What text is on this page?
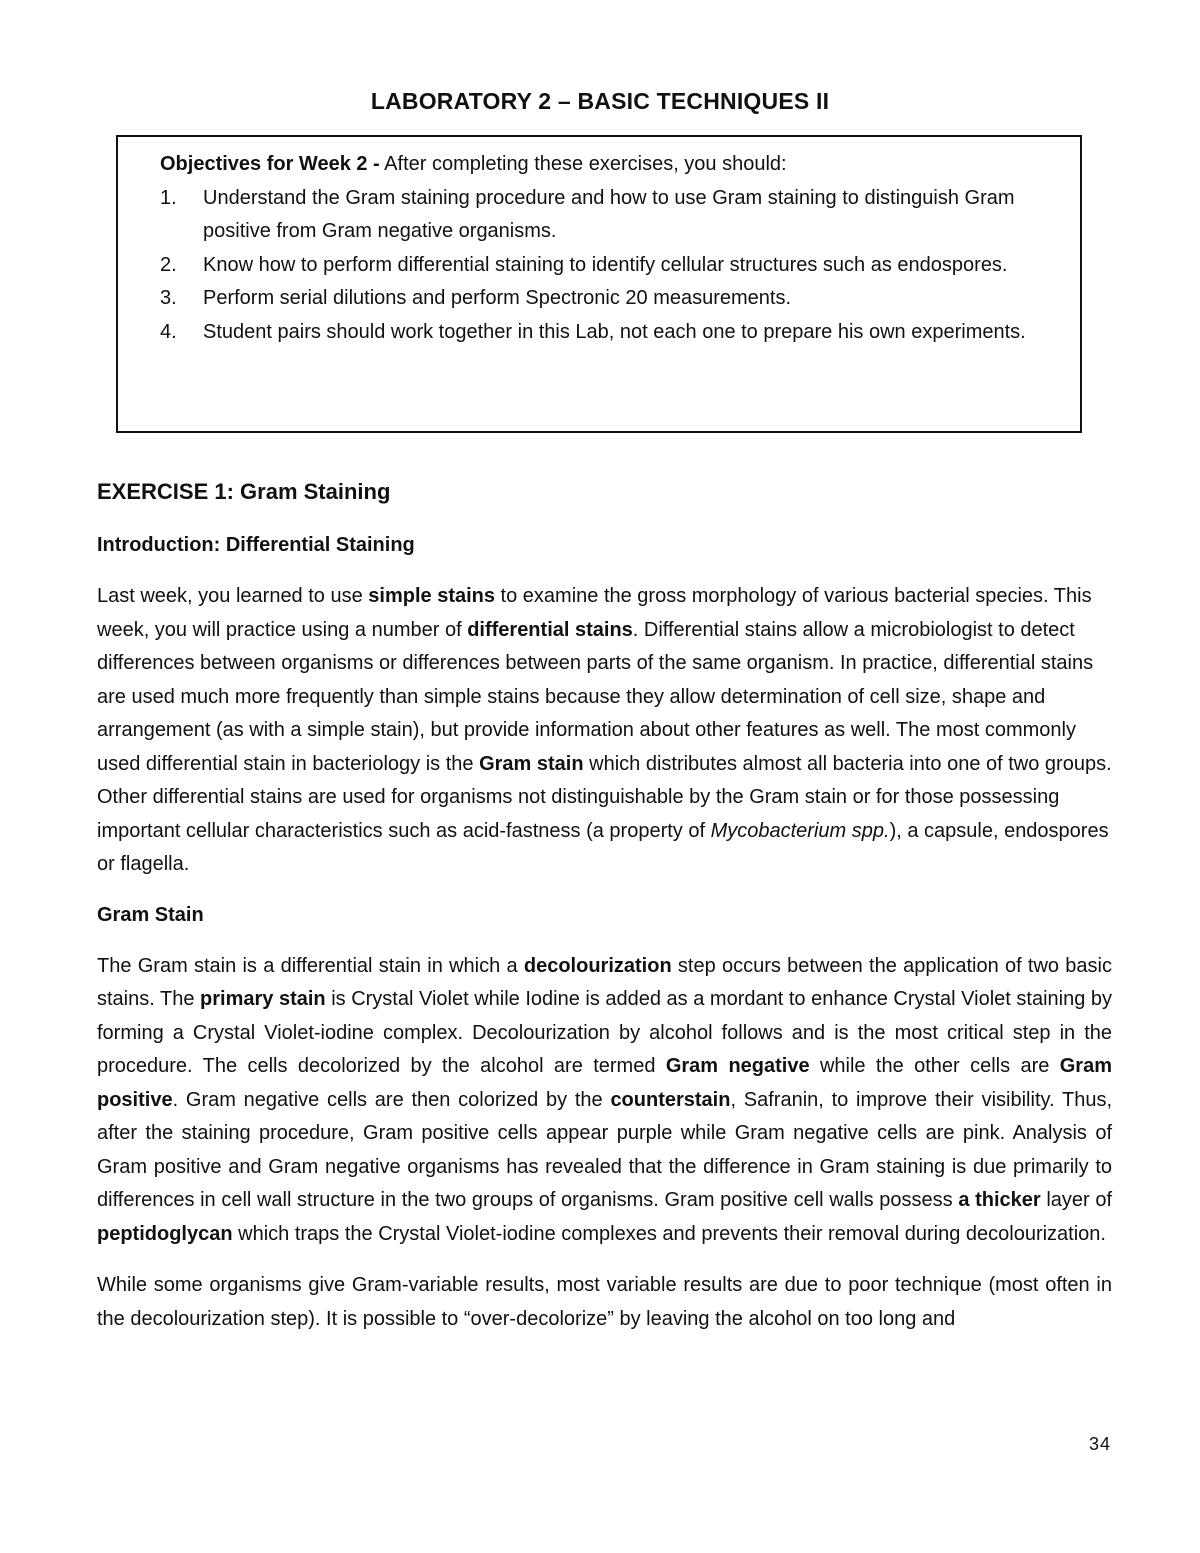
LABORATORY 2 – BASIC TECHNIQUES II

Objectives for Week 2 - After completing these exercises, you should:

1. Understand the Gram staining procedure and how to use Gram staining to distinguish Gram positive from Gram negative organisms.
2. Know how to perform differential staining to identify cellular structures such as endospores.
3. Perform serial dilutions and perform Spectronic 20 measurements.
4. Student pairs should work together in this Lab, not each one to prepare his own experiments.
EXERCISE 1: Gram Staining
Introduction: Differential Staining

Last week, you learned to use simple stains to examine the gross morphology of various bacterial species. This week, you will practice using a number of differential stains. Differential stains allow a microbiologist to detect differences between organisms or differences between parts of the same organism. In practice, differential stains are used much more frequently than simple stains because they allow determination of cell size, shape and arrangement (as with a simple stain), but provide information about other features as well. The most commonly used differential stain in bacteriology is the Gram stain which distributes almost all bacteria into one of two groups. Other differential stains are used for organisms not distinguishable by the Gram stain or for those possessing important cellular characteristics such as acid-fastness (a property of Mycobacterium spp.), a capsule, endospores or flagella.

Gram Stain

The Gram stain is a differential stain in which a decolourization step occurs between the application of two basic stains. The primary stain is Crystal Violet while Iodine is added as a mordant to enhance Crystal Violet staining by forming a Crystal Violet-iodine complex. Decolourization by alcohol follows and is the most critical step in the procedure. The cells decolorized by the alcohol are termed Gram negative while the other cells are Gram positive. Gram negative cells are then colorized by the counterstain, Safranin, to improve their visibility. Thus, after the staining procedure, Gram positive cells appear purple while Gram negative cells are pink. Analysis of Gram positive and Gram negative organisms has revealed that the difference in Gram staining is due primarily to differences in cell wall structure in the two groups of organisms. Gram positive cell walls possess a thicker layer of peptidoglycan which traps the Crystal Violet-iodine complexes and prevents their removal during decolourization.

While some organisms give Gram-variable results, most variable results are due to poor technique (most often in the decolourization step). It is possible to “over-decolorize” by leaving the alcohol on too long and

34
